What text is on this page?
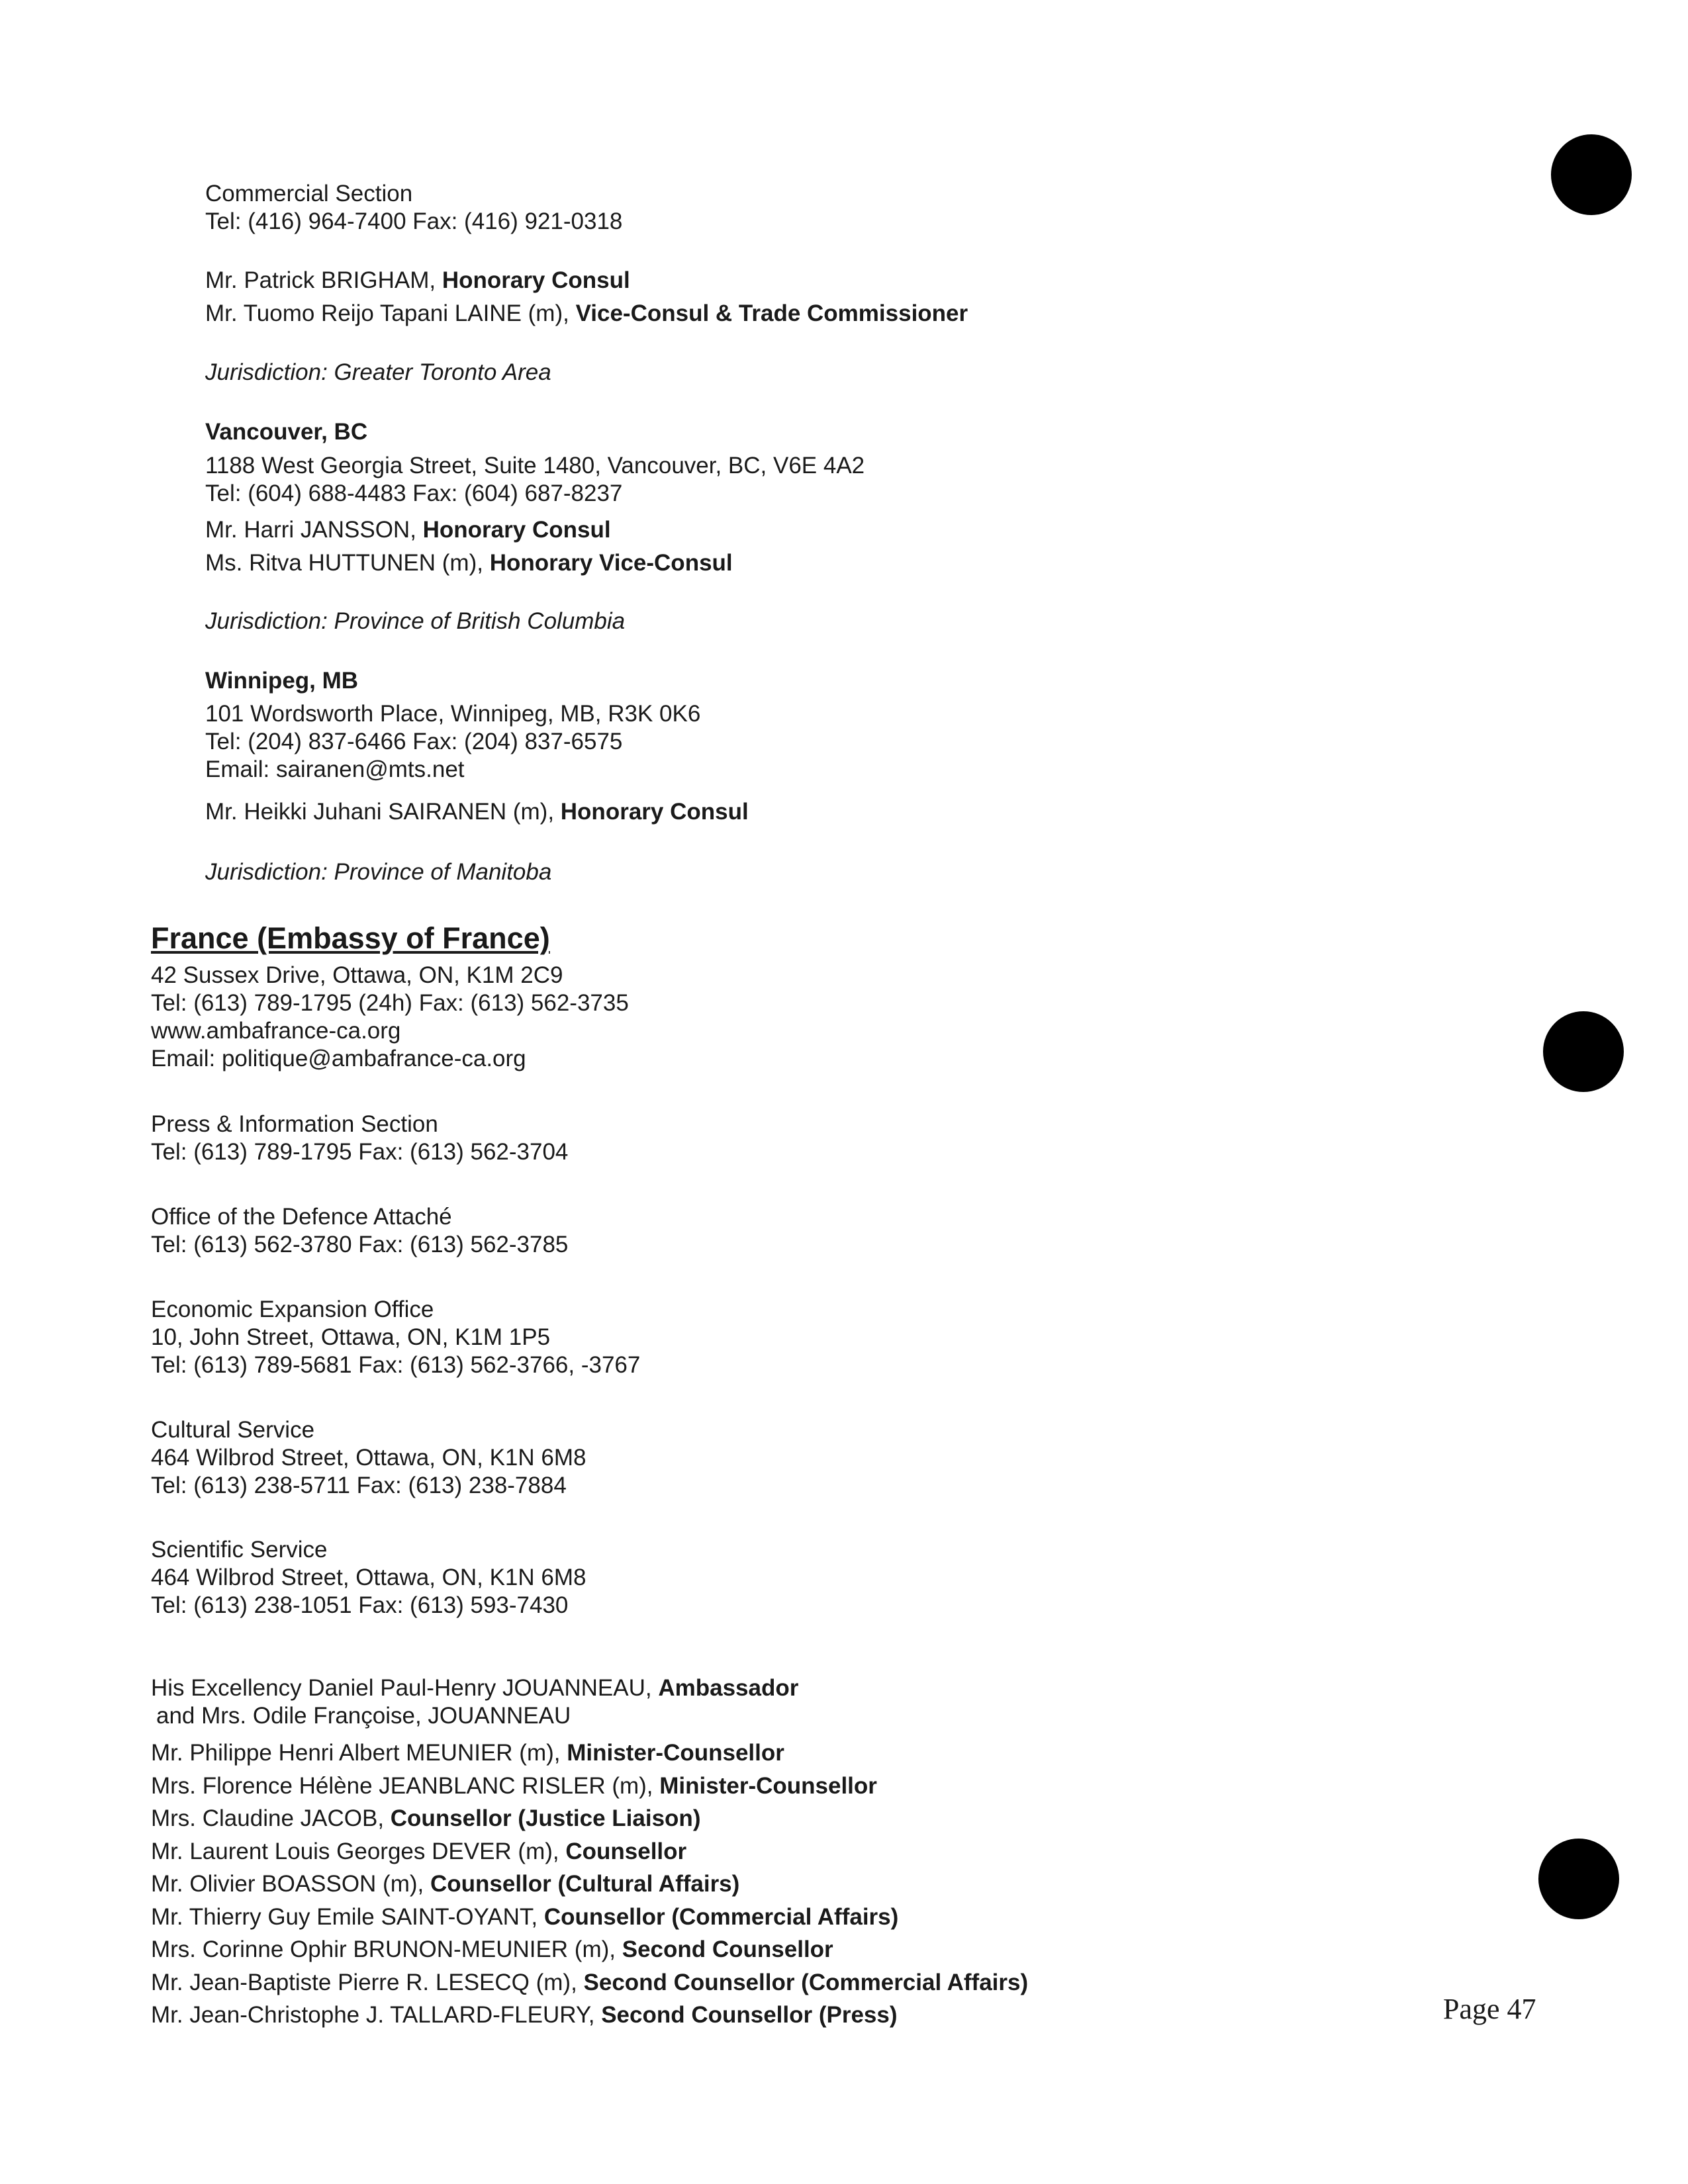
Commercial Section
Tel: (416) 964-7400 Fax: (416) 921-0318
Mr. Patrick BRIGHAM, Honorary Consul
Mr. Tuomo Reijo Tapani LAINE (m), Vice-Consul & Trade Commissioner
Jurisdiction: Greater Toronto Area
Vancouver, BC
1188 West Georgia Street, Suite 1480, Vancouver, BC, V6E 4A2
Tel: (604) 688-4483 Fax: (604) 687-8237
Mr. Harri JANSSON, Honorary Consul
Ms. Ritva HUTTUNEN (m), Honorary Vice-Consul
Jurisdiction: Province of British Columbia
Winnipeg, MB
101 Wordsworth Place, Winnipeg, MB, R3K 0K6
Tel: (204) 837-6466 Fax: (204) 837-6575
Email: sairanen@mts.net
Mr. Heikki Juhani SAIRANEN (m), Honorary Consul
Jurisdiction: Province of Manitoba
France (Embassy of France)
42 Sussex Drive, Ottawa, ON, K1M 2C9
Tel: (613) 789-1795 (24h) Fax: (613) 562-3735
www.ambafrance-ca.org
Email: politique@ambafrance-ca.org
Press & Information Section
Tel: (613) 789-1795 Fax: (613) 562-3704
Office of the Defence Attaché
Tel: (613) 562-3780 Fax: (613) 562-3785
Economic Expansion Office
10, John Street, Ottawa, ON, K1M 1P5
Tel: (613) 789-5681 Fax: (613) 562-3766, -3767
Cultural Service
464 Wilbrod Street, Ottawa, ON, K1N 6M8
Tel: (613) 238-5711 Fax: (613) 238-7884
Scientific Service
464 Wilbrod Street, Ottawa, ON, K1N 6M8
Tel: (613) 238-1051 Fax: (613) 593-7430
His Excellency Daniel Paul-Henry JOUANNEAU, Ambassador
and Mrs. Odile Françoise, JOUANNEAU
Mr. Philippe Henri Albert MEUNIER (m), Minister-Counsellor
Mrs. Florence Hélène JEANBLANC RISLER (m), Minister-Counsellor
Mrs. Claudine JACOB, Counsellor (Justice Liaison)
Mr. Laurent Louis Georges DEVER (m), Counsellor
Mr. Olivier BOASSON (m), Counsellor (Cultural Affairs)
Mr. Thierry Guy Emile SAINT-OYANT, Counsellor (Commercial Affairs)
Mrs. Corinne Ophir BRUNON-MEUNIER (m), Second Counsellor
Mr. Jean-Baptiste Pierre R. LESECQ (m), Second Counsellor (Commercial Affairs)
Mr. Jean-Christophe J. TALLARD-FLEURY, Second Counsellor (Press)	Page 47
